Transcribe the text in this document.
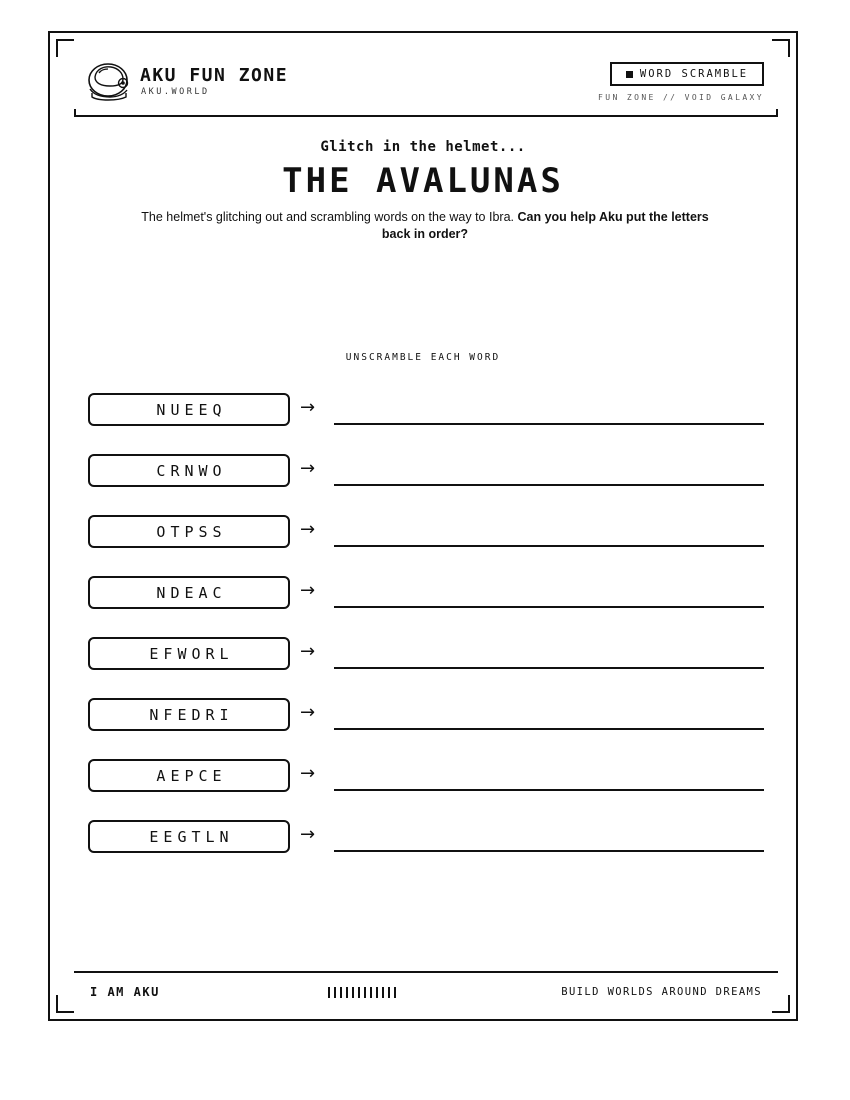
AKU FUN ZONE
AKU.WORLD
WORD SCRAMBLE
FUN ZONE // VOID GALAXY
Glitch in the helmet...
THE AVALUNAS
The helmet's glitching out and scrambling words on the way to Ibra. Can you help Aku put the letters back in order?
UNSCRAMBLE EACH WORD
NUEEQ	→
CRNWO	→
OTPSS	→
NDEAC	→
EFWORL	→
NFEDRI	→
AEPCE	→
EEGTLN	→
I AM AKU	BUILD WORLDS AROUND DREAMS
